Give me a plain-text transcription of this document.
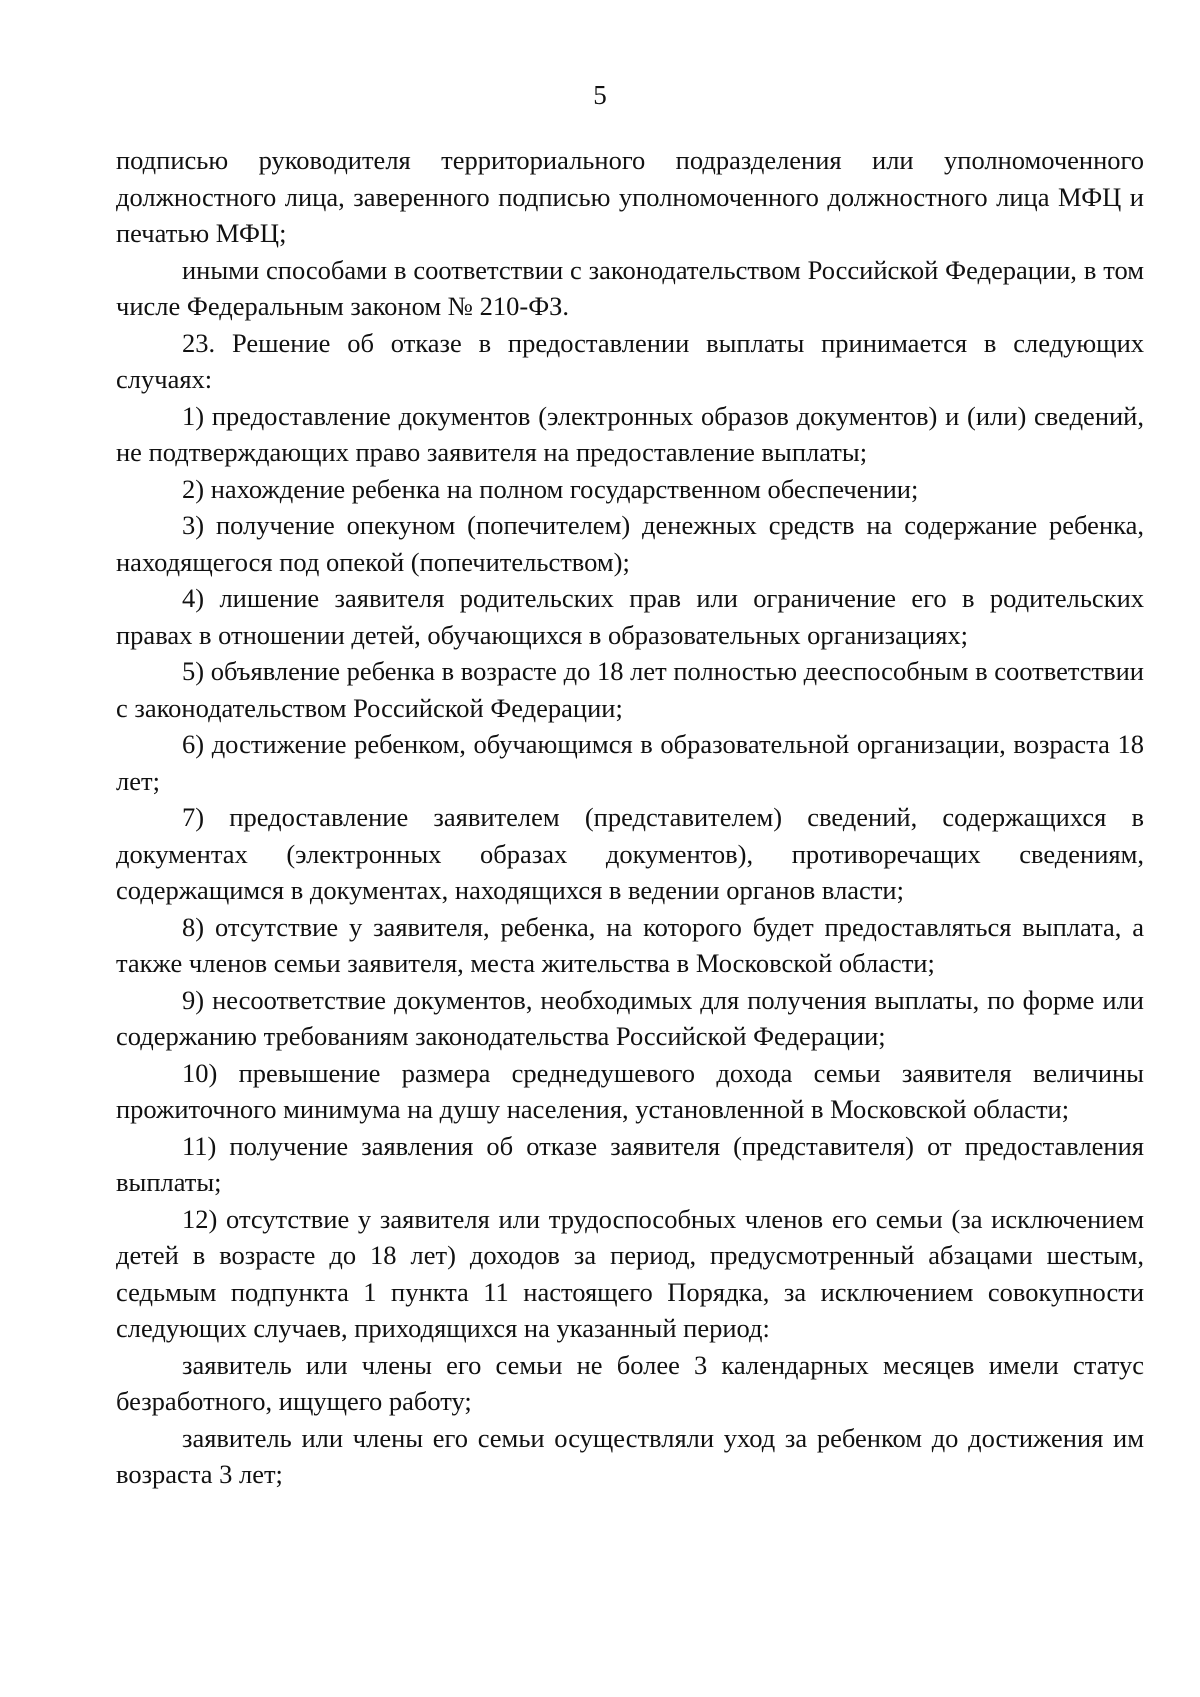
5

подписью руководителя территориального подразделения или уполномоченного должностного лица, заверенного подписью уполномоченного должностного лица МФЦ и печатью МФЦ;

иными способами в соответствии с законодательством Российской Федерации, в том числе Федеральным законом № 210-ФЗ.

23. Решение об отказе в предоставлении выплаты принимается в следующих случаях:

1) предоставление документов (электронных образов документов) и (или) сведений, не подтверждающих право заявителя на предоставление выплаты;

2) нахождение ребенка на полном государственном обеспечении;

3) получение опекуном (попечителем) денежных средств на содержание ребенка, находящегося под опекой (попечительством);

4) лишение заявителя родительских прав или ограничение его в родительских правах в отношении детей, обучающихся в образовательных организациях;

5) объявление ребенка в возрасте до 18 лет полностью дееспособным в соответствии с законодательством Российской Федерации;

6) достижение ребенком, обучающимся в образовательной организации, возраста 18 лет;

7) предоставление заявителем (представителем) сведений, содержащихся в документах (электронных образах документов), противоречащих сведениям, содержащимся в документах, находящихся в ведении органов власти;

8) отсутствие у заявителя, ребенка, на которого будет предоставляться выплата, а также членов семьи заявителя, места жительства в Московской области;

9) несоответствие документов, необходимых для получения выплаты, по форме или содержанию требованиям законодательства Российской Федерации;

10) превышение размера среднедушевого дохода семьи заявителя величины прожиточного минимума на душу населения, установленной в Московской области;

11) получение заявления об отказе заявителя (представителя) от предоставления выплаты;

12) отсутствие у заявителя или трудоспособных членов его семьи (за исключением детей в возрасте до 18 лет) доходов за период, предусмотренный абзацами шестым, седьмым подпункта 1 пункта 11 настоящего Порядка, за исключением совокупности следующих случаев, приходящихся на указанный период:

заявитель или члены его семьи не более 3 календарных месяцев имели статус безработного, ищущего работу;

заявитель или члены его семьи осуществляли уход за ребенком до достижения им возраста 3 лет;
